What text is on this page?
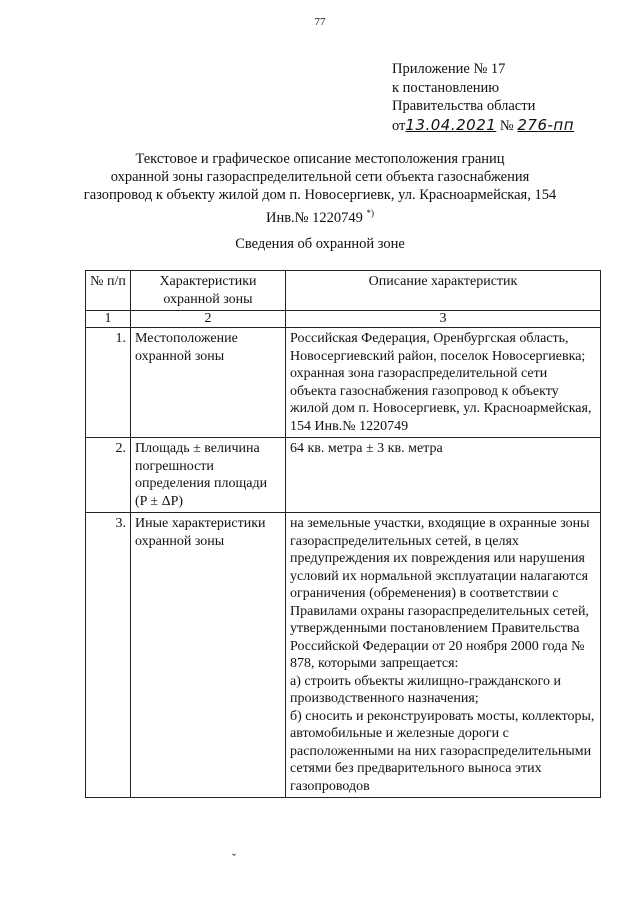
77
Приложение № 17
к постановлению
Правительства области
от13.04.2021 № 276-пп
Текстовое и графическое описание местоположения границ
охранной зоны газораспределительной сети объекта газоснабжения
газопровод к объекту жилой дом п. Новосергиевк, ул. Красноармейская, 154
Инв.№ 1220749 *)
Сведения об охранной зоне
№ п/п	Характеристики охранной зоны	Описание характеристик
1	2	3
1.	Местоположение охранной зоны	Российская Федерация, Оренбургская область, Новосергиевский район, поселок Новосергиевка; охранная зона газораспределительной сети объекта газоснабжения газопровод к объекту жилой дом п. Новосергиевк, ул. Красноармейская, 154 Инв.№ 1220749
2.	Площадь ± величина погрешности определения площади (P ± ΔP)	64 кв. метра ± 3 кв. метра
3.	Иные характеристики охранной зоны	на земельные участки, входящие в охранные зоны газораспределительных сетей, в целях предупреждения их повреждения или нарушения условий их нормальной эксплуатации налагаются ограничения (обременения) в соответствии с Правилами охраны газораспределительных сетей, утвержденными постановлением Правительства Российской Федерации от 20 ноября 2000 года № 878, которыми запрещается:
а) строить объекты жилищно-гражданского и производственного назначения;
б) сносить и реконструировать мосты, коллекторы, автомобильные и железные дороги с расположенными на них газораспределительными сетями без предварительного выноса этих газопроводов
ˇ
